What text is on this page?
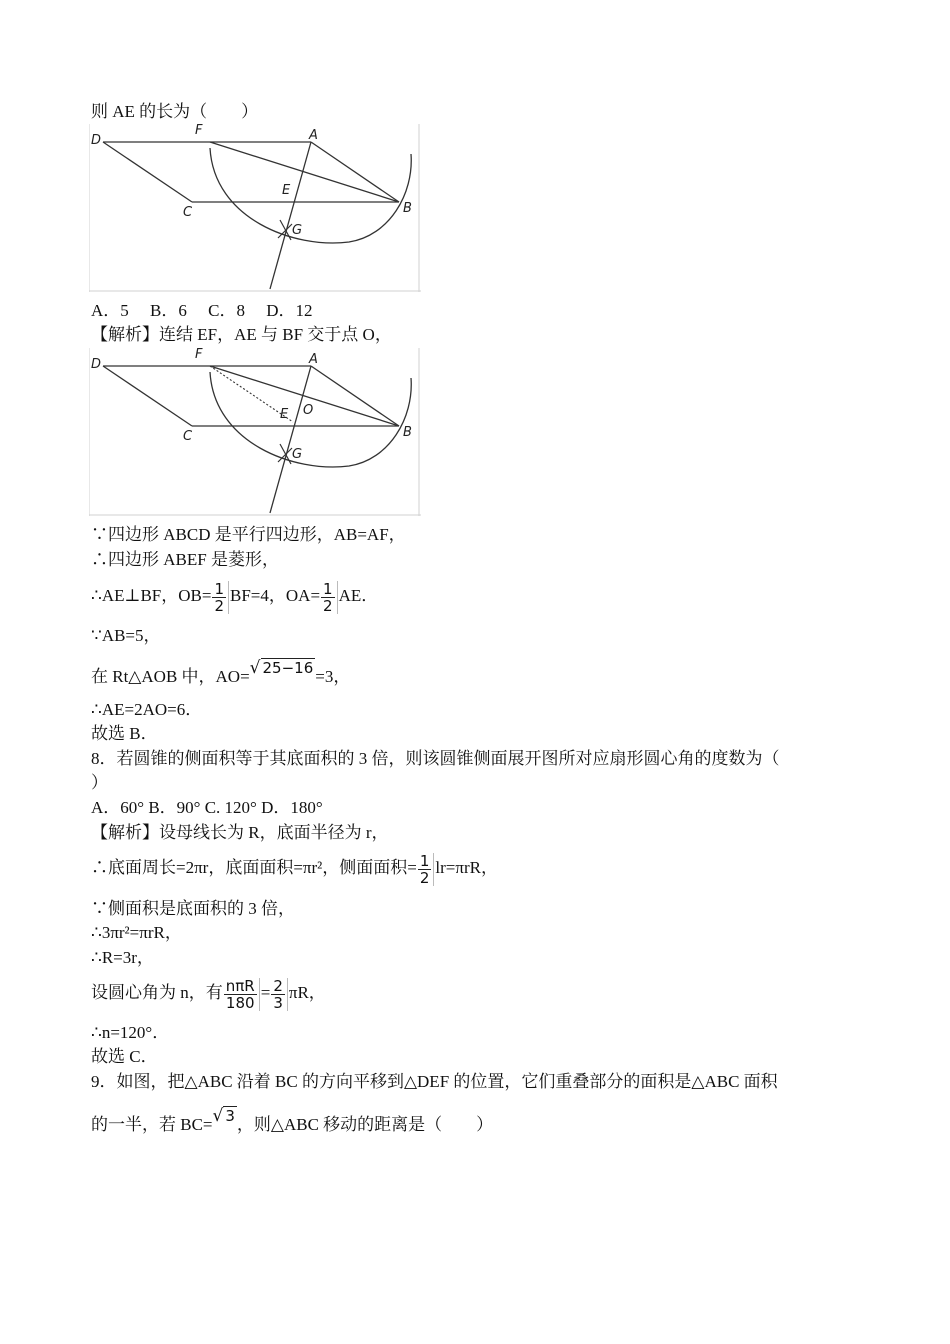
则 AE 的长为（　　）
D
F	A
E
C	B
G
A．5　 B．6　 C．8　 D．12
【解析】连结 EF，AE 与 BF 交于点 O，
D
F	A
E O
C	B
G
∵四边形 ABCD 是平行四边形，AB=AF，
∴四边形 ABEF 是菱形，
∴AE⊥BF，$OB= \frac{1}{2} BF=4$，$OA= \frac{1}{2}$ AE．
∵AB=5，
在 Rt△AOB 中，AO=√ 25−16 =3，
∴AE=2AO=6．
故选 B．
8．若圆锥的侧面积等于其底面积的 3 倍，则该圆锥侧面展开图所对应扇形圆心角的度数为（
）
A．60° B．90° C. 120° D．180°
【解析】设母线长为 R，底面半径为 r，
∴底面周长=2πr，底面面积=πr²，侧面面积= $\frac{1}{2} lr=\pi rR$，
∵侧面积是底面积的 3 倍，
∴3πr²=πrR，
∴R=3r，
设圆心角为 n，有 $\frac{\text{nπR}}{180} = \frac{2}{3}$ πR，
∴n=120°．
故选 C．
9．如图，把△ABC 沿着 BC 的方向平移到△DEF 的位置，它们重叠部分的面积是△ABC 面积
的一半，若 BC=√ 3 ，则△ABC 移动的距离是（　　）
